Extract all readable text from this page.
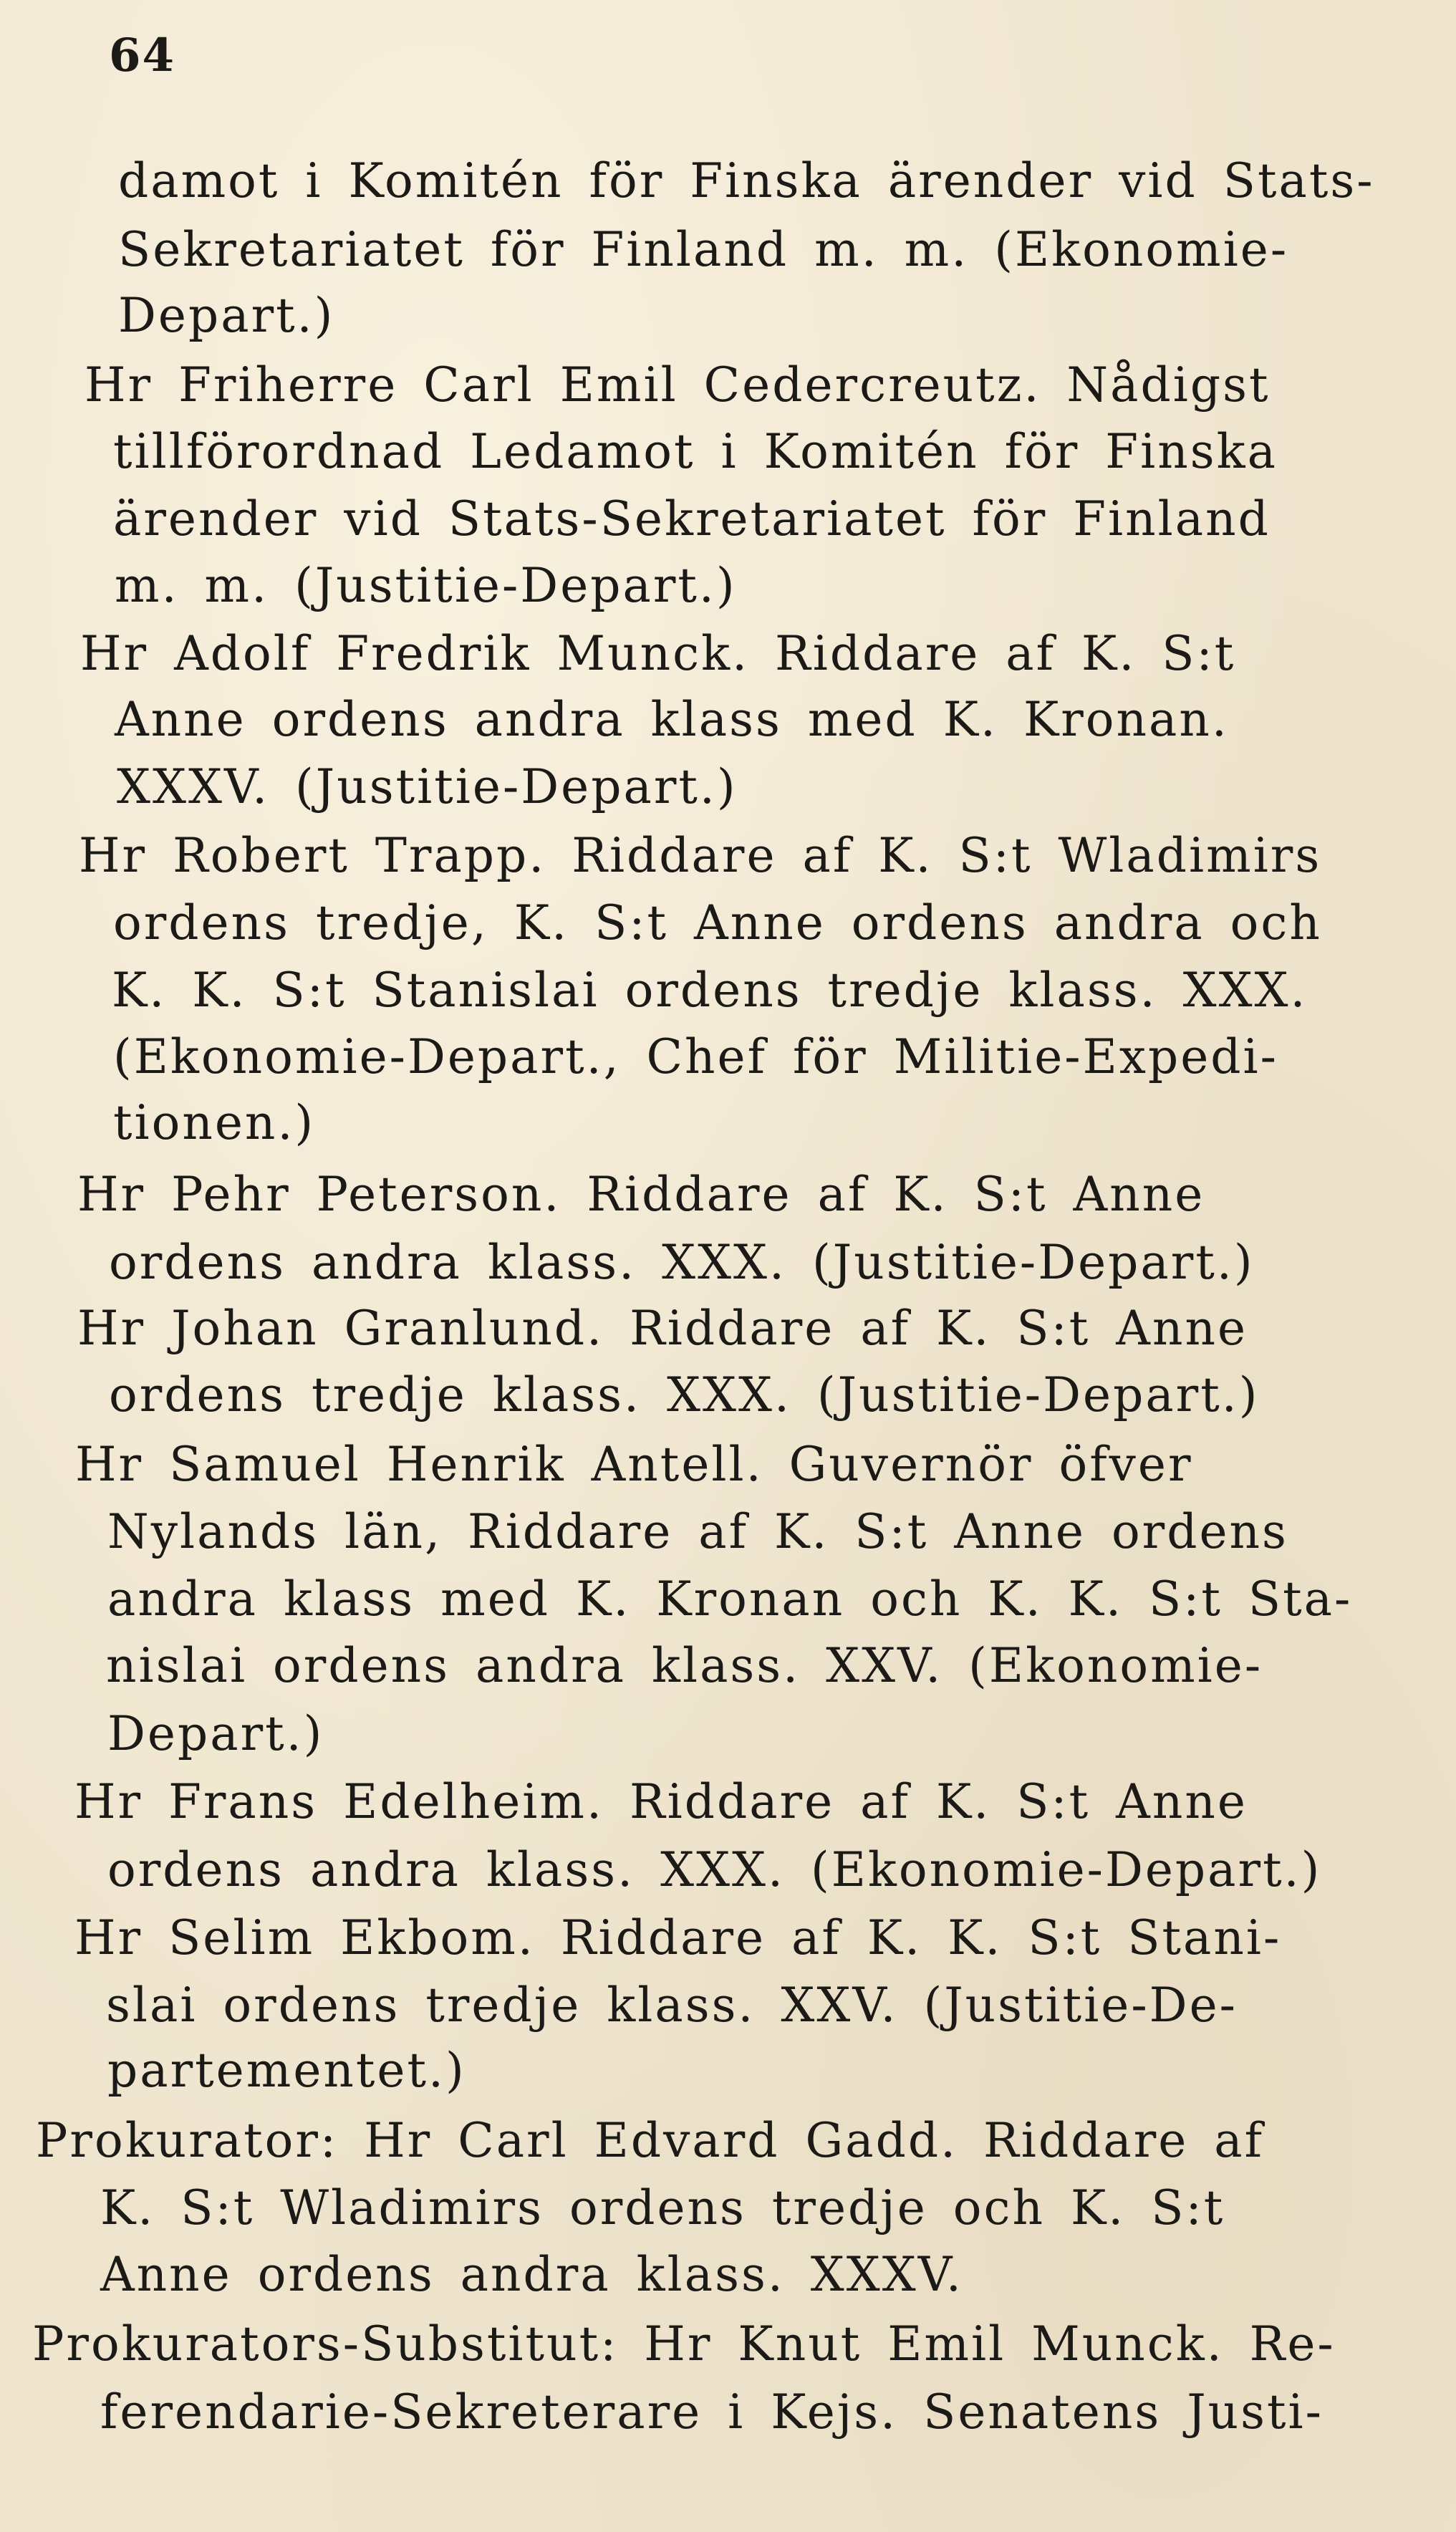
64
damot i Komitén för Finska ärender vid Stats-
Sekretariatet för Finland m. m. (Ekonomie-
Depart.)
Hr Friherre Carl Emil Cedercreutz. Nådigst
tillförordnad Ledamot i Komitén för Finska
ärender vid Stats-Sekretariatet för Finland
m. m. (Justitie-Depart.)
Hr Adolf Fredrik Munck. Riddare af K. S:t
Anne ordens andra klass med K. Kronan.
XXXV. (Justitie-Depart.)
Hr Robert Trapp. Riddare af K. S:t Wladimirs
ordens tredje, K. S:t Anne ordens andra och
K. K. S:t Stanislai ordens tredje klass. XXX.
(Ekonomie-Depart., Chef för Militie-Expedi-
tionen.)
Hr Pehr Peterson. Riddare af K. S:t Anne
ordens andra klass. XXX. (Justitie-Depart.)
Hr Johan Granlund. Riddare af K. S:t Anne
ordens tredje klass. XXX. (Justitie-Depart.)
Hr Samuel Henrik Antell. Guvernör öfver
Nylands län, Riddare af K. S:t Anne ordens
andra klass med K. Kronan och K. K. S:t Sta-
nislai ordens andra klass. XXV. (Ekonomie-
Depart.)
Hr Frans Edelheim. Riddare af K. S:t Anne
ordens andra klass. XXX. (Ekonomie-Depart.)
Hr Selim Ekbom. Riddare af K. K. S:t Stani-
slai ordens tredje klass. XXV. (Justitie-De-
partementet.)
Prokurator: Hr Carl Edvard Gadd. Riddare af
K. S:t Wladimirs ordens tredje och K. S:t
Anne ordens andra klass. XXXV.
Prokurators-Substitut: Hr Knut Emil Munck. Re-
ferendarie-Sekreterare i Kejs. Senatens Justi-
